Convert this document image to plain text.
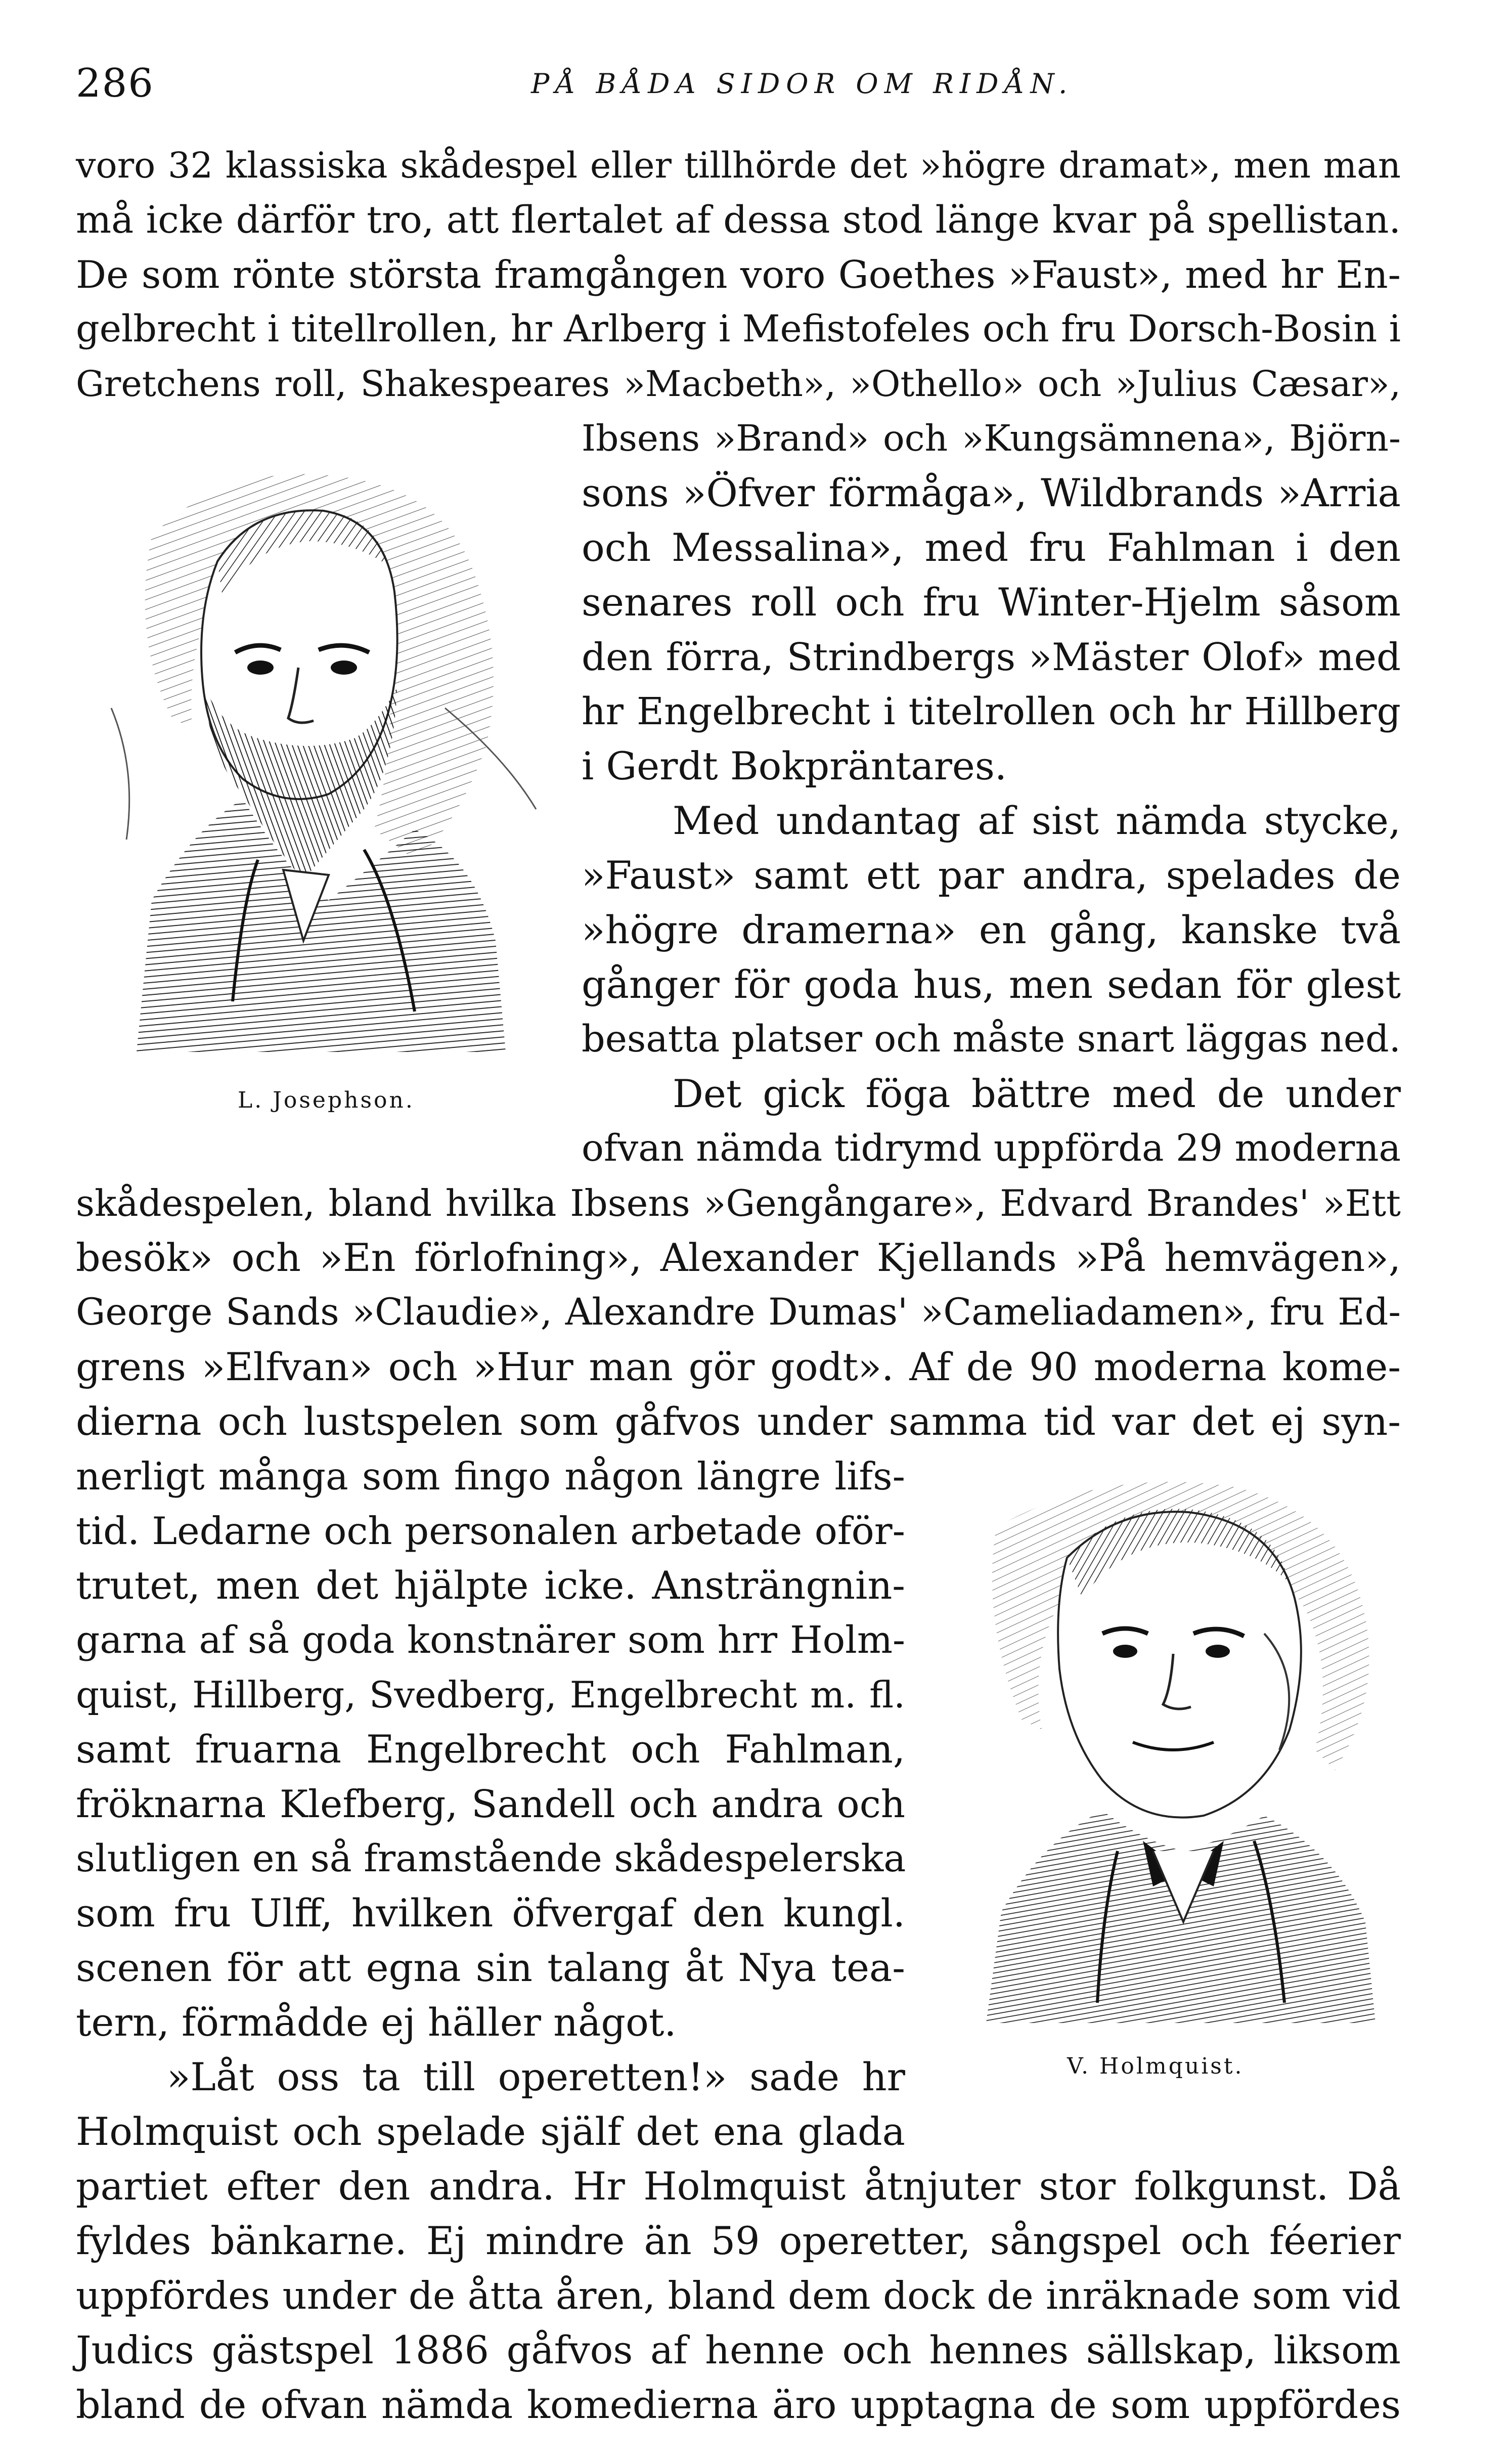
286	PÅ BÅDA SIDOR OM RIDÅN.
L. Josephson.
V. Holmquist.
voro 32 klassiska skådespel eller tillhörde det »högre dramat», men man
må icke därför tro, att flertalet af dessa stod länge kvar på spellistan.
De som rönte största framgången voro Goethes »Faust», med hr En-
gelbrecht i titellrollen, hr Arlberg i Mefistofeles och fru Dorsch-Bosin i
Gretchens roll, Shakespeares »Macbeth», »Othello» och »Julius Cæsar»,
Ibsens »Brand» och »Kungsämnena», Björn-
sons »Öfver förmåga», Wildbrands »Arria
och Messalina», med fru Fahlman i den
senares roll och fru Winter-Hjelm såsom
den förra, Strindbergs »Mäster Olof» med
hr Engelbrecht i titelrollen och hr Hillberg
i Gerdt Bokpräntares.
Med undantag af sist nämda stycke,
»Faust» samt ett par andra, spelades de
»högre dramerna» en gång, kanske två
gånger för goda hus, men sedan för glest
besatta platser och måste snart läggas ned.
Det gick föga bättre med de under
ofvan nämda tidrymd uppförda 29 moderna
skådespelen, bland hvilka Ibsens »Gengångare», Edvard Brandes' »Ett
besök» och »En förlofning», Alexander Kjellands »På hemvägen»,
George Sands »Claudie», Alexandre Dumas' »Cameliadamen», fru Ed-
grens »Elfvan» och »Hur man gör godt». Af de 90 moderna kome-
dierna och lustspelen som gåfvos under samma tid var det ej syn-
nerligt många som fingo någon längre lifs-
tid. Ledarne och personalen arbetade oför-
trutet, men det hjälpte icke. Ansträngnin-
garna af så goda konstnärer som hrr Holm-
quist, Hillberg, Svedberg, Engelbrecht m. fl.
samt fruarna Engelbrecht och Fahlman,
fröknarna Klefberg, Sandell och andra och
slutligen en så framstående skådespelerska
som fru Ulff, hvilken öfvergaf den kungl.
scenen för att egna sin talang åt Nya tea-
tern, förmådde ej häller något.
»Låt oss ta till operetten!» sade hr
Holmquist och spelade själf det ena glada
partiet efter den andra. Hr Holmquist åtnjuter stor folkgunst. Då
fyldes bänkarne. Ej mindre än 59 operetter, sångspel och féerier
uppfördes under de åtta åren, bland dem dock de inräknade som vid
Judics gästspel 1886 gåfvos af henne och hennes sällskap, liksom
bland de ofvan nämda komedierna äro upptagna de som uppfördes
